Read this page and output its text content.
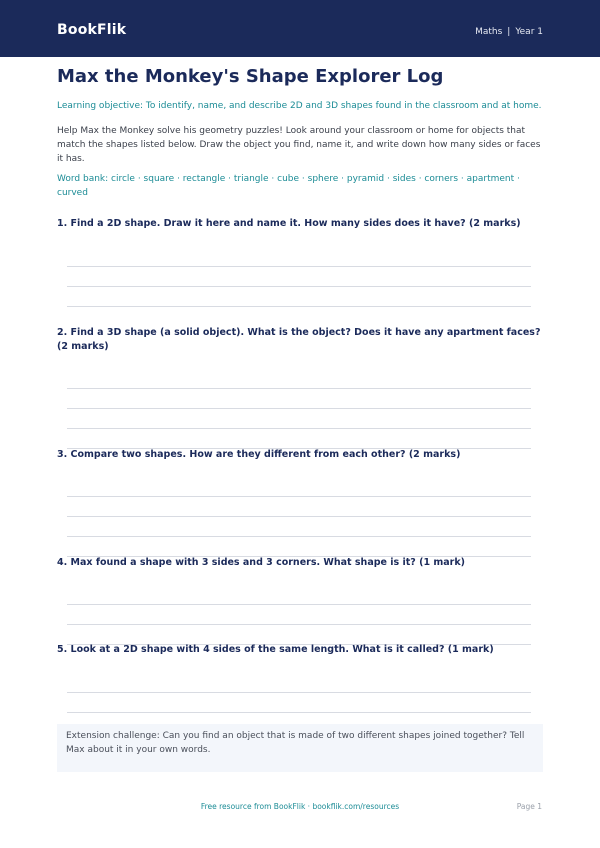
BookFlik	Maths | Year 1
Max the Monkey's Shape Explorer Log

Learning objective: To identify, name, and describe 2D and 3D shapes found in the classroom and at home.

Help Max the Monkey solve his geometry puzzles! Look around your classroom or home for objects that match the shapes listed below. Draw the object you find, name it, and write down how many sides or faces it has.

Word bank: circle · square · rectangle · triangle · cube · sphere · pyramid · sides · corners · apartment · curved

1. Find a 2D shape. Draw it here and name it. How many sides does it have? (2 marks)

2. Find a 3D shape (a solid object). What is the object? Does it have any apartment faces? (2 marks)

3. Compare two shapes. How are they different from each other? (2 marks)

4. Max found a shape with 3 sides and 3 corners. What shape is it? (1 mark)

5. Look at a 2D shape with 4 sides of the same length. What is it called? (1 mark)

Extension challenge: Can you find an object that is made of two different shapes joined together? Tell Max about it in your own words.
Free resource from BookFlik · bookflik.com/resources	Page 1
